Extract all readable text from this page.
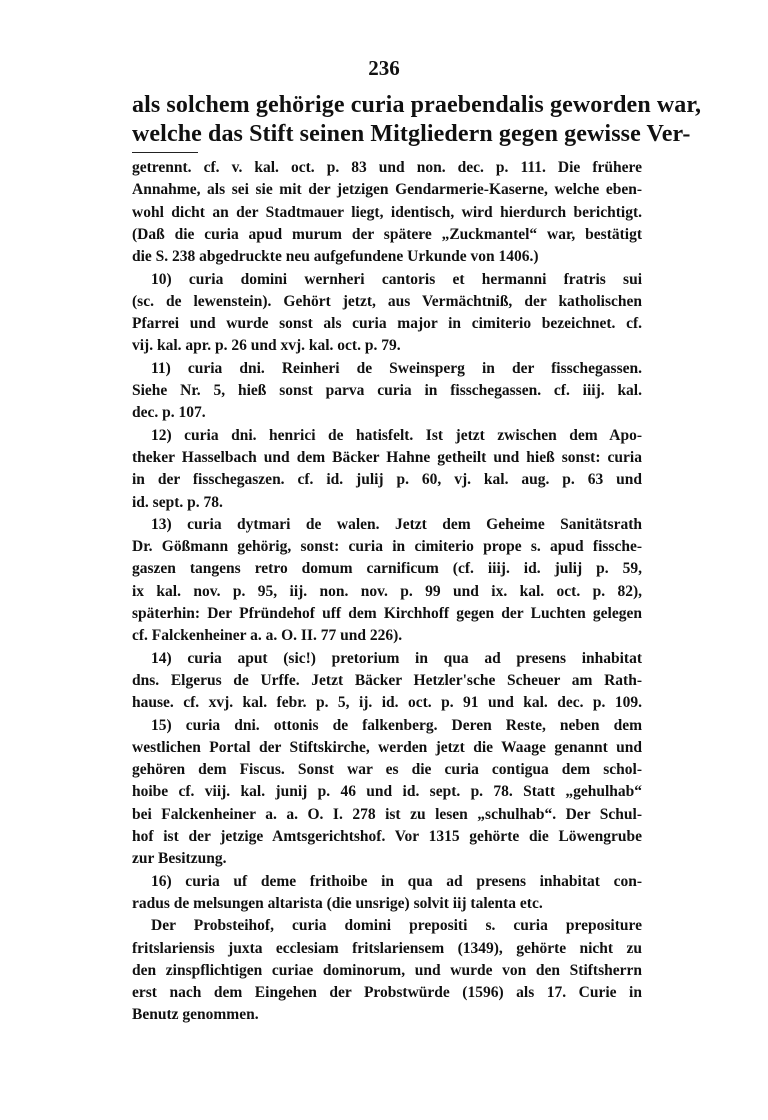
236
als solchem gehörige curia praebendalis geworden war,
welche das Stift seinen Mitgliedern gegen gewisse Ver-
getrennt. cf. v. kal. oct. p. 83 und non. dec. p. 111. Die frühere
Annahme, als sei sie mit der jetzigen Gendarmerie-Kaserne, welche eben-
wohl dicht an der Stadtmauer liegt, identisch, wird hierdurch berichtigt.
(Daß die curia apud murum der spätere „Zuckmantel“ war, bestätigt
die S. 238 abgedruckte neu aufgefundene Urkunde von 1406.)
10) curia domini wernheri cantoris et hermanni fratris sui
(sc. de lewenstein). Gehört jetzt, aus Vermächtniß, der katholischen
Pfarrei und wurde sonst als curia major in cimiterio bezeichnet. cf.
vij. kal. apr. p. 26 und xvj. kal. oct. p. 79.
11) curia dni. Reinheri de Sweinsperg in der fisschegassen.
Siehe Nr. 5, hieß sonst parva curia in fisschegassen. cf. iiij. kal.
dec. p. 107.
12) curia dni. henrici de hatisfelt. Ist jetzt zwischen dem Apo-
theker Hasselbach und dem Bäcker Hahne getheilt und hieß sonst: curia
in der fisschegaszen. cf. id. julij p. 60, vj. kal. aug. p. 63 und
id. sept. p. 78.
13) curia dytmari de walen. Jetzt dem Geheime Sanitätsrath
Dr. Gößmann gehörig, sonst: curia in cimiterio prope s. apud fissche-
gaszen tangens retro domum carnificum (cf. iiij. id. julij p. 59,
ix kal. nov. p. 95, iij. non. nov. p. 99 und ix. kal. oct. p. 82),
späterhin: Der Pfründehof uff dem Kirchhoff gegen der Luchten gelegen
cf. Falckenheiner a. a. O. II. 77 und 226).
14) curia aput (sic!) pretorium in qua ad presens inhabitat
dns. Elgerus de Urffe. Jetzt Bäcker Hetzler'sche Scheuer am Rath-
hause. cf. xvj. kal. febr. p. 5, ij. id. oct. p. 91 und kal. dec. p. 109.
15) curia dni. ottonis de falkenberg. Deren Reste, neben dem
westlichen Portal der Stiftskirche, werden jetzt die Waage genannt und
gehören dem Fiscus. Sonst war es die curia contigua dem schol-
hoibe cf. viij. kal. junij p. 46 und id. sept. p. 78. Statt „gehulhab“
bei Falckenheiner a. a. O. I. 278 ist zu lesen „schulhab“. Der Schul-
hof ist der jetzige Amtsgerichtshof. Vor 1315 gehörte die Löwengrube
zur Besitzung.
16) curia uf deme frithoibe in qua ad presens inhabitat con-
radus de melsungen altarista (die unsrige) solvit iij talenta etc.
Der Probsteihof, curia domini prepositi s. curia prepositure
fritslariensis juxta ecclesiam fritslariensem (1349), gehörte nicht zu
den zinspflichtigen curiae dominorum, und wurde von den Stiftsherrn
erst nach dem Eingehen der Probstwürde (1596) als 17. Curie in
Benutz genommen.
